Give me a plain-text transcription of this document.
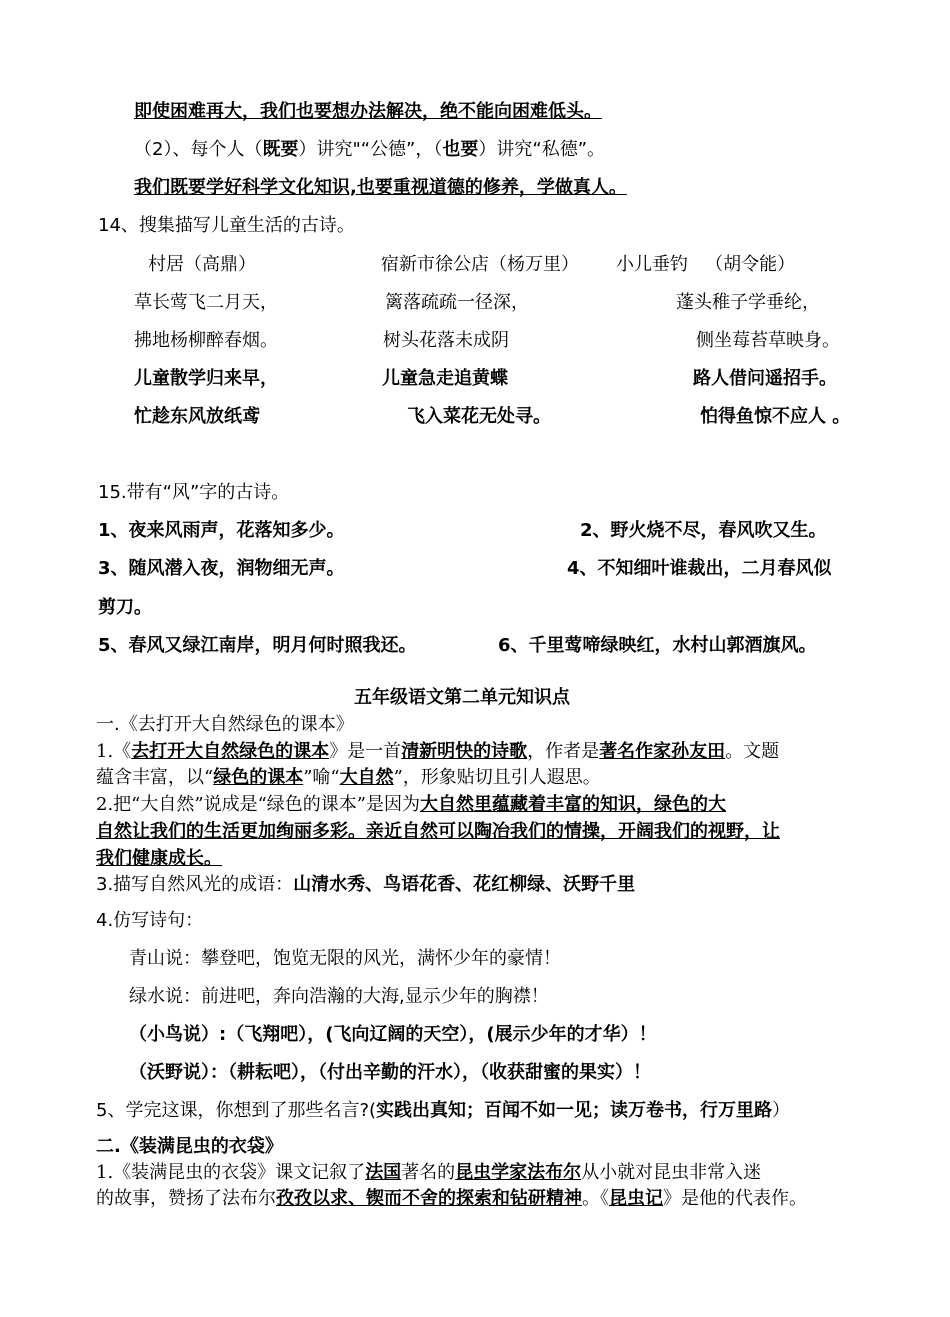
即使困难再大，我们也要想办法解决，绝不能向困难低头。
（2）、每个人（既要）讲究"“公德”，（也要）讲究“私德”。
我们既要学好科学文化知识,也要重视道德的修养，学做真人。
14、搜集描写儿童生活的古诗。
村居（高鼎）	宿新市徐公店（杨万里） 小儿垂钓   （胡令能）
草长莺飞二月天，	篱落疏疏一径深，	蓬头稚子学垂纶，
拂地杨柳醉春烟。	树头花落未成阴	侧坐莓苔草映身。
儿童散学归来早，	儿童急走追黄蝶	路人借问遥招手。
忙趁东风放纸鸢	飞入菜花无处寻。	怕得鱼惊不应人 。
15.带有“风”字的古诗。
1、夜来风雨声，花落知多少。	2、野火烧不尽，春风吹又生。
3、随风潜入夜，润物细无声。	4、不知细叶谁裁出，二月春风似
剪刀。
5、春风又绿江南岸，明月何时照我还。	6、千里莺啼绿映红，水村山郭酒旗风。
五年级语文第二单元知识点
一.《去打开大自然绿色的课本》
1.《去打开大自然绿色的课本》是一首清新明快的诗歌，作者是著名作家孙友田。文题
蕴含丰富，以“绿色的课本”喻“大自然”，形象贴切且引人遐思。
2.把“大自然”说成是“绿色的课本”是因为大自然里蕴藏着丰富的知识，绿色的大
自然让我们的生活更加绚丽多彩。亲近自然可以陶冶我们的情操，开阔我们的视野，让
我们健康成长。
3.描写自然风光的成语：山清水秀、鸟语花香、花红柳绿、沃野千里
4.仿写诗句：
青山说：攀登吧，饱览无限的风光，满怀少年的豪情！
绿水说：前进吧，奔向浩瀚的大海,显示少年的胸襟！
（小鸟说）:（飞翔吧），(飞向辽阔的天空），(展示少年的才华）！
（沃野说）：（耕耘吧），（付出辛勤的汗水），（收获甜蜜的果实）！
5、学完这课，你想到了那些名言?(实践出真知；百闻不如一见；读万卷书，行万里路）
二.《装满昆虫的衣袋》
1.《装满昆虫的衣袋》课文记叙了法国著名的昆虫学家法布尔从小就对昆虫非常入迷
的故事，赞扬了法布尔孜孜以求、锲而不舍的探索和钻研精神。《昆虫记》是他的代表作。
